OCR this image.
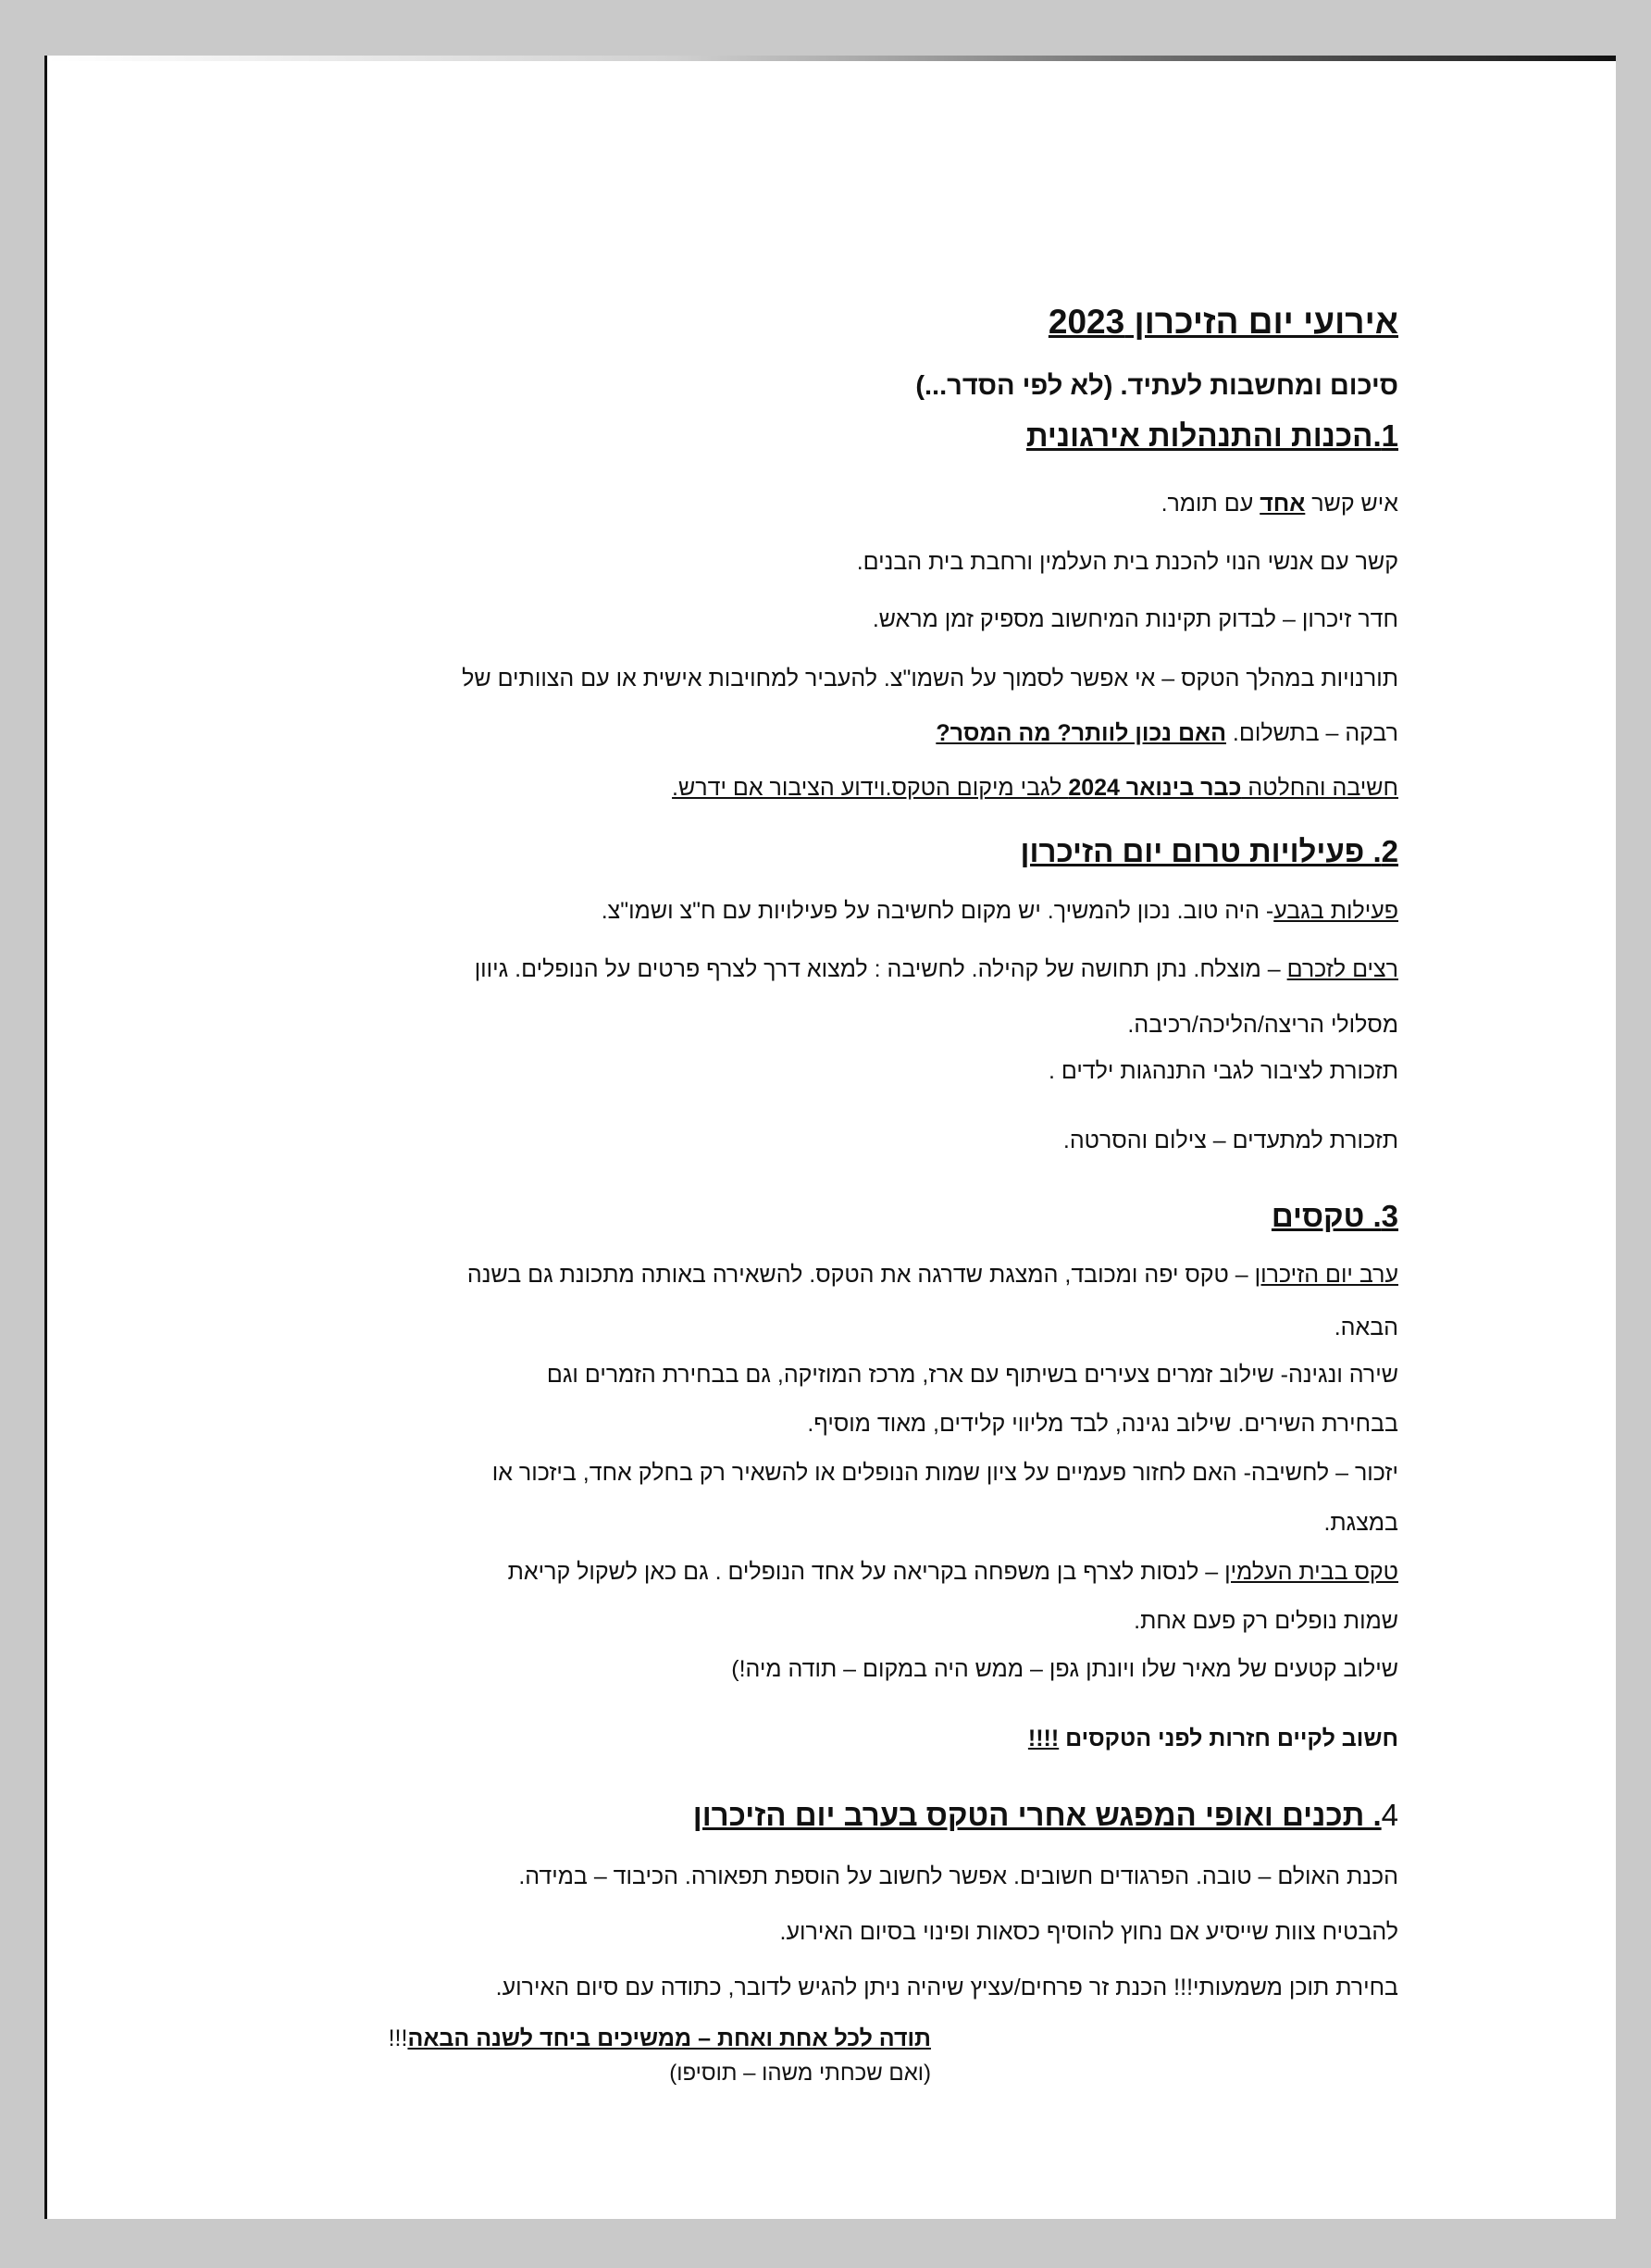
אירועי יום הזיכרון 2023
סיכום ומחשבות לעתיד. (לא לפי הסדר...)
1.הכנות והתנהלות אירגונית
איש קשר אחד עם תומר.
קשר עם אנשי הנוי להכנת בית העלמין ורחבת בית הבנים.
חדר זיכרון – לבדוק תקינות המיחשוב מספיק זמן מראש.
תורנויות במהלך הטקס – אי אפשר לסמוך על השמו"צ. להעביר למחויבות אישית או עם הצוותים של
רבקה – בתשלום. האם נכון לוותר? מה המסר?
חשיבה והחלטה כבר בינואר 2024 לגבי מיקום הטקס.וידוע הציבור אם ידרש.
2. פעילויות טרום יום הזיכרון
פעילות בגבע- היה טוב. נכון להמשיך. יש מקום לחשיבה על פעילויות עם ח"צ ושמו"צ.
רצים לזכרם – מוצלח. נתן תחושה של קהילה. לחשיבה : למצוא דרך לצרף פרטים על הנופלים. גיוון
מסלולי הריצה/הליכה/רכיבה.
תזכורת לציבור לגבי התנהגות ילדים .
תזכורת למתעדים – צילום והסרטה.
3. טקסים
ערב יום הזיכרון – טקס יפה ומכובד, המצגת שדרגה את הטקס. להשאירה באותה מתכונת גם בשנה
הבאה.
שירה ונגינה- שילוב זמרים צעירים בשיתוף עם ארז, מרכז המוזיקה, גם בבחירת הזמרים וגם
בבחירת השירים. שילוב נגינה, לבד מליווי קלידים, מאוד מוסיף.
יזכור – לחשיבה- האם לחזור פעמיים על ציון שמות הנופלים או להשאיר רק בחלק אחד, ביזכור או
במצגת.
טקס בבית העלמין – לנסות לצרף בן משפחה בקריאה על אחד הנופלים . גם כאן לשקול קריאת
שמות נופלים רק פעם אחת.
שילוב קטעים של מאיר שלו ויונתן גפן – ממש היה במקום – תודה מיה!)
חשוב לקיים חזרות לפני הטקסים !!!!
4. תכנים ואופי המפגש אחרי הטקס בערב יום הזיכרון
הכנת האולם – טובה. הפרגודים חשובים. אפשר לחשוב על הוספת תפאורה. הכיבוד – במידה.
להבטיח צוות שייסיע אם נחוץ להוסיף כסאות ופינוי בסיום האירוע.
בחירת תוכן משמעותי!!! הכנת זר פרחים/עציץ שיהיה ניתן להגיש לדובר, כתודה עם סיום האירוע.
תודה לכל אחת ואחת – ממשיכים ביחד לשנה הבאה!!!
(ואם שכחתי משהו – תוסיפו)
